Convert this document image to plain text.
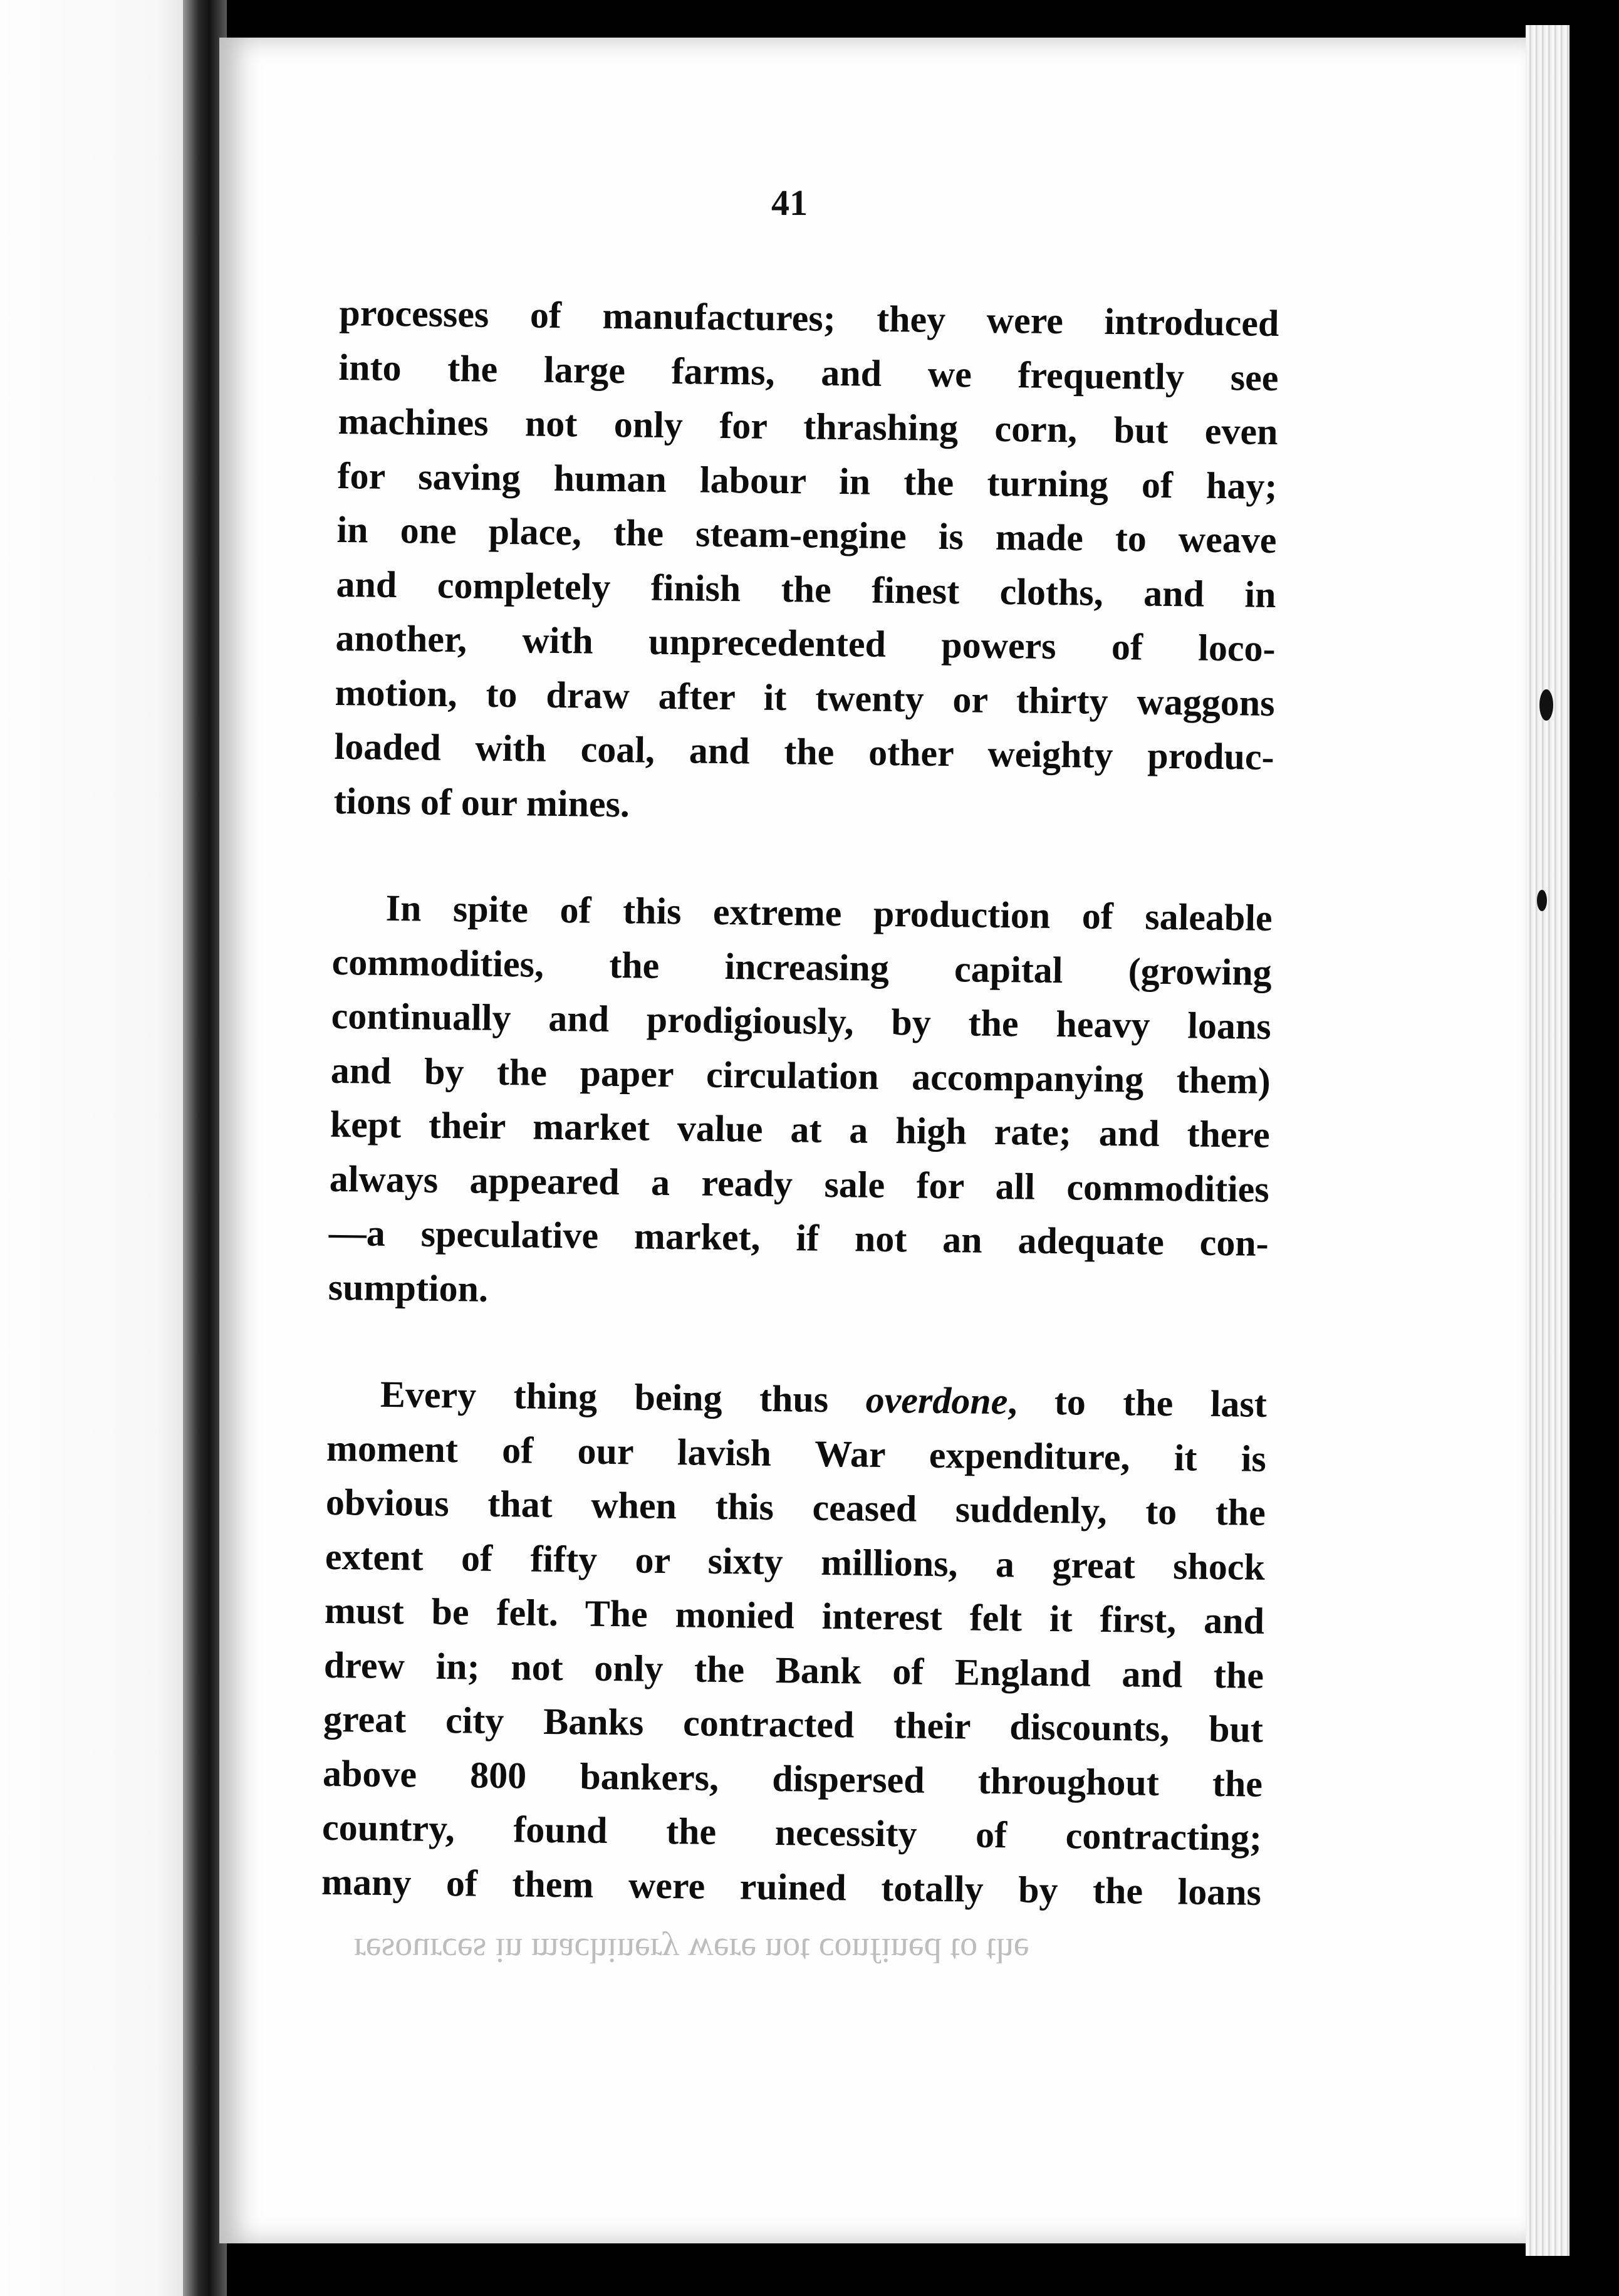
41
processes of manufactures; they were introduced
into the large farms, and we frequently see
machines not only for thrashing corn, but even
for saving human labour in the turning of hay;
in one place, the steam-engine is made to weave
and completely finish the finest cloths, and in
another, with unprecedented powers of loco-
motion, to draw after it twenty or thirty waggons
loaded with coal, and the other weighty produc-
tions of our mines.
In spite of this extreme production of saleable
commodities, the increasing capital (growing
continually and prodigiously, by the heavy loans
and by the paper circulation accompanying them)
kept their market value at a high rate; and there
always appeared a ready sale for all commodities
—a speculative market, if not an adequate con-
sumption.
Every thing being thus overdone, to the last
moment of our lavish War expenditure, it is
obvious that when this ceased suddenly, to the
extent of fifty or sixty millions, a great shock
must be felt. The monied interest felt it first, and
drew in; not only the Bank of England and the
great city Banks contracted their discounts, but
above 800 bankers, dispersed throughout the
country, found the necessity of contracting;
many of them were ruined totally by the loans
resources in machinery were not confined to the
